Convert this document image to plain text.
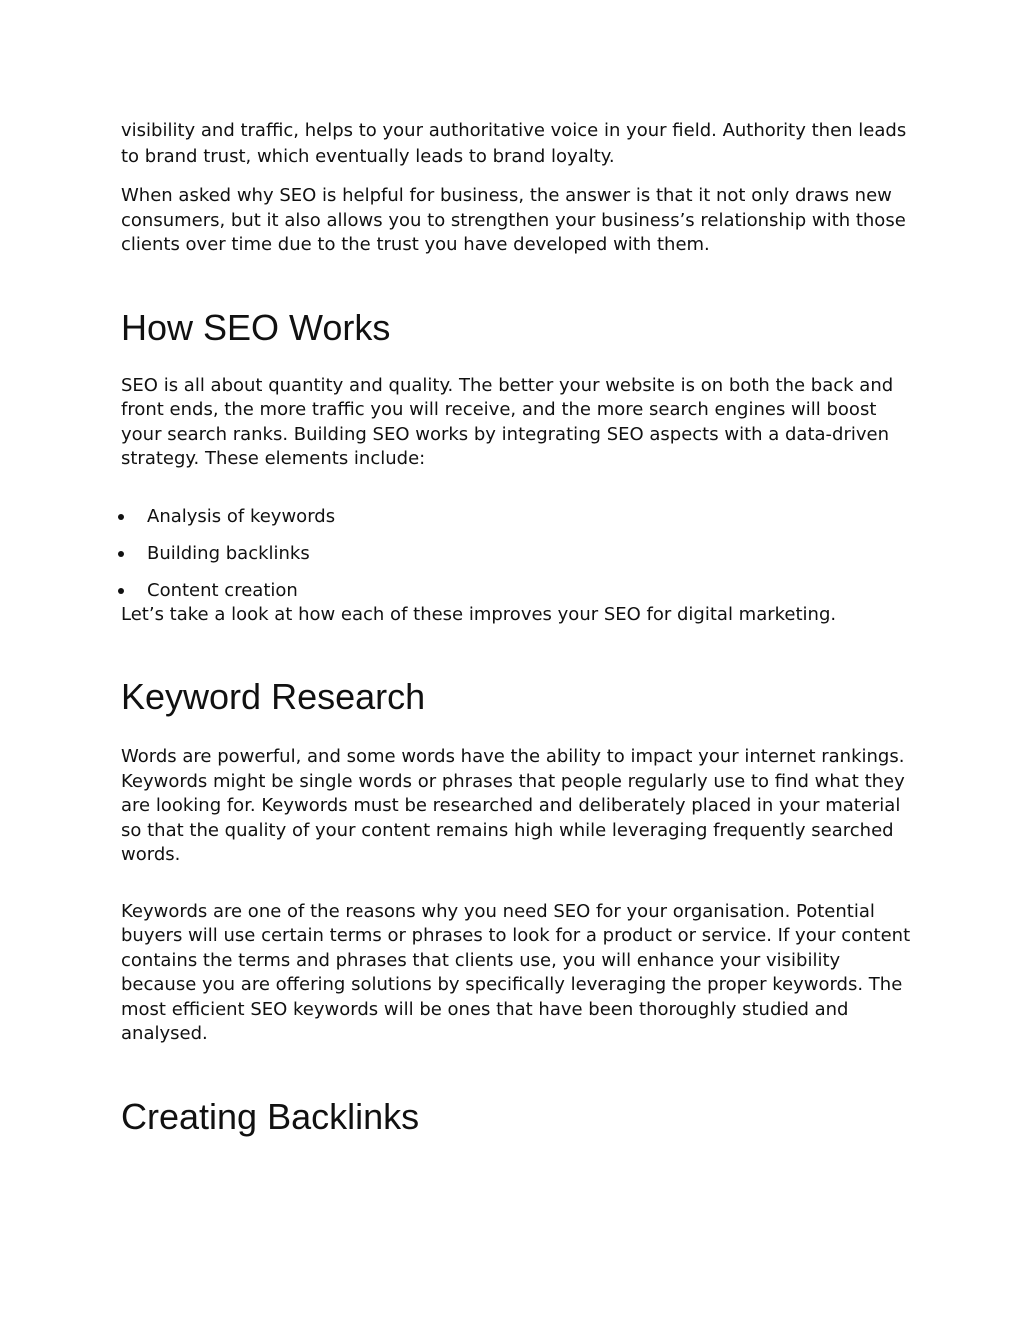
visibility and traffic, helps to your authoritative voice in your field. Authority then leads to brand trust, which eventually leads to brand loyalty.

When asked why SEO is helpful for business, the answer is that it not only draws new consumers, but it also allows you to strengthen your business’s relationship with those clients over time due to the trust you have developed with them.

How SEO Works

SEO is all about quantity and quality. The better your website is on both the back and front ends, the more traffic you will receive, and the more search engines will boost your search ranks. Building SEO works by integrating SEO aspects with a data-driven strategy. These elements include:

Analysis of keywords
Building backlinks
Content creation

Let’s take a look at how each of these improves your SEO for digital marketing.

Keyword Research

Words are powerful, and some words have the ability to impact your internet rankings. Keywords might be single words or phrases that people regularly use to find what they are looking for. Keywords must be researched and deliberately placed in your material so that the quality of your content remains high while leveraging frequently searched words.

Keywords are one of the reasons why you need SEO for your organisation. Potential buyers will use certain terms or phrases to look for a product or service. If your content contains the terms and phrases that clients use, you will enhance your visibility because you are offering solutions by specifically leveraging the proper keywords. The most efficient SEO keywords will be ones that have been thoroughly studied and analysed.

Creating Backlinks
